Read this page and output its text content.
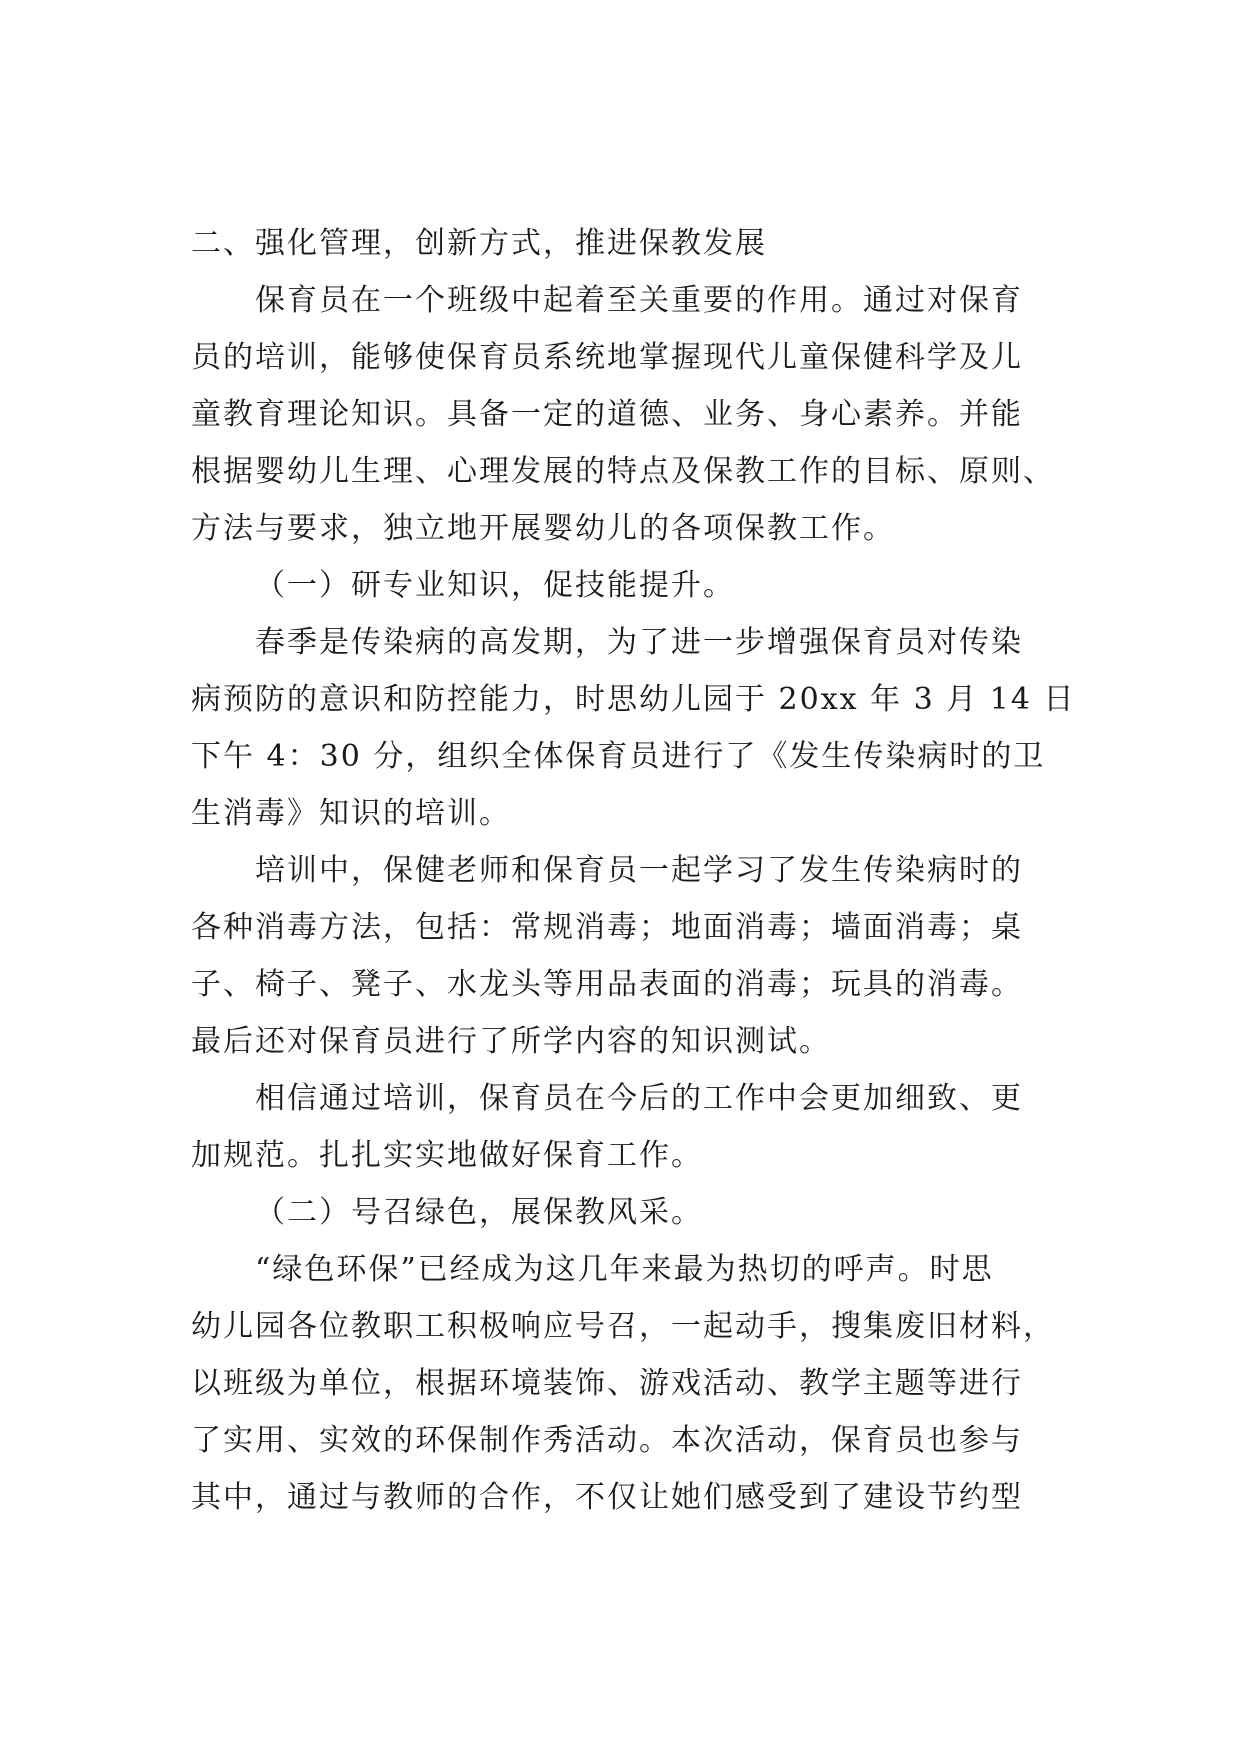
二、强化管理，创新方式，推进保教发展
保育员在一个班级中起着至关重要的作用。通过对保育
员的培训，能够使保育员系统地掌握现代儿童保健科学及儿
童教育理论知识。具备一定的道德、业务、身心素养。并能
根据婴幼儿生理、心理发展的特点及保教工作的目标、原则、
方法与要求，独立地开展婴幼儿的各项保教工作。
（一）研专业知识，促技能提升。
春季是传染病的高发期，为了进一步增强保育员对传染
病预防的意识和防控能力，时思幼儿园于 20xx 年 3 月 14 日
下午 4：30 分，组织全体保育员进行了《发生传染病时的卫
生消毒》知识的培训。
培训中，保健老师和保育员一起学习了发生传染病时的
各种消毒方法，包括：常规消毒；地面消毒；墙面消毒；桌
子、椅子、凳子、水龙头等用品表面的消毒；玩具的消毒。
最后还对保育员进行了所学内容的知识测试。
相信通过培训，保育员在今后的工作中会更加细致、更
加规范。扎扎实实地做好保育工作。
（二）号召绿色，展保教风采。
“绿色环保”已经成为这几年来最为热切的呼声。时思
幼儿园各位教职工积极响应号召，一起动手，搜集废旧材料，
以班级为单位，根据环境装饰、游戏活动、教学主题等进行
了实用、实效的环保制作秀活动。本次活动，保育员也参与
其中，通过与教师的合作，不仅让她们感受到了建设节约型
